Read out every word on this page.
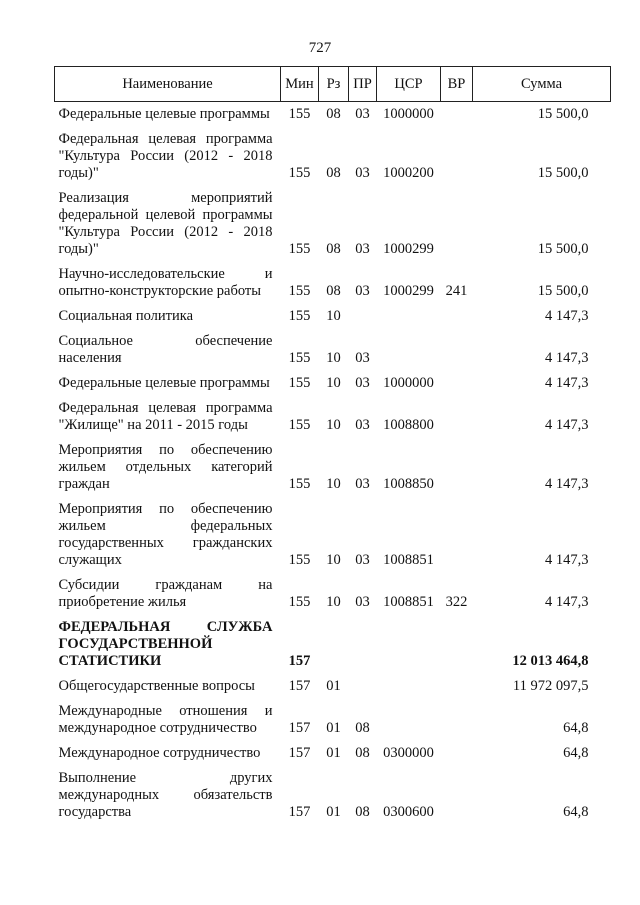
727
Наименование	Мин	Рз	ПР	ЦСР	ВР	Сумма
Федеральные целевые программы	155	08	03	1000000		15 500,0
Федеральная целевая программа "Культура России (2012 - 2018 годы)"	155	08	03	1000200		15 500,0
Реализация мероприятий федеральной целевой программы "Культура России (2012 - 2018 годы)"	155	08	03	1000299		15 500,0
Научно-исследовательские и опытно-конструкторские работы	155	08	03	1000299	241	15 500,0
Социальная политика	155	10				4 147,3
Социальное обеспечение населения	155	10	03			4 147,3
Федеральные целевые программы	155	10	03	1000000		4 147,3
Федеральная целевая программа "Жилище" на 2011 - 2015 годы	155	10	03	1008800		4 147,3
Мероприятия по обеспечению жильем отдельных категорий граждан	155	10	03	1008850		4 147,3
Мероприятия по обеспечению жильем федеральных государственных гражданских служащих	155	10	03	1008851		4 147,3
Субсидии гражданам на приобретение жилья	155	10	03	1008851	322	4 147,3
ФЕДЕРАЛЬНАЯ СЛУЖБА ГОСУДАРСТВЕННОЙ СТАТИСТИКИ	157					12 013 464,8
Общегосударственные вопросы	157	01				11 972 097,5
Международные отношения и международное сотрудничество	157	01	08			64,8
Международное сотрудничество	157	01	08	0300000		64,8
Выполнение других международных обязательств государства	157	01	08	0300600		64,8
